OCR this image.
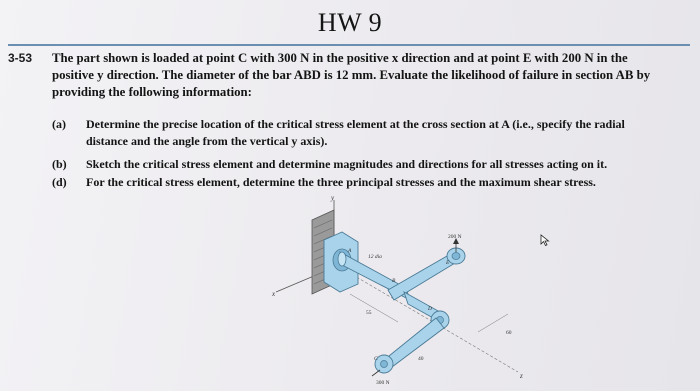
HW 9
3-53 The part shown is loaded at point C with 300 N in the positive x direction and at point E with 200 N in the positive y direction. The diameter of the bar ABD is 12 mm. Evaluate the likelihood of failure in section AB by providing the following information:
(a) Determine the precise location of the critical stress element at the cross section at A (i.e., specify the radial distance and the angle from the vertical y axis).
(b) Sketch the critical stress element and determine magnitudes and directions for all stresses acting on it.
(d) For the critical stress element, determine the three principal stresses and the maximum shear stress.
y
x
z
200 N
300 N
12 dia
55
60
40
A
B
D
E
C
